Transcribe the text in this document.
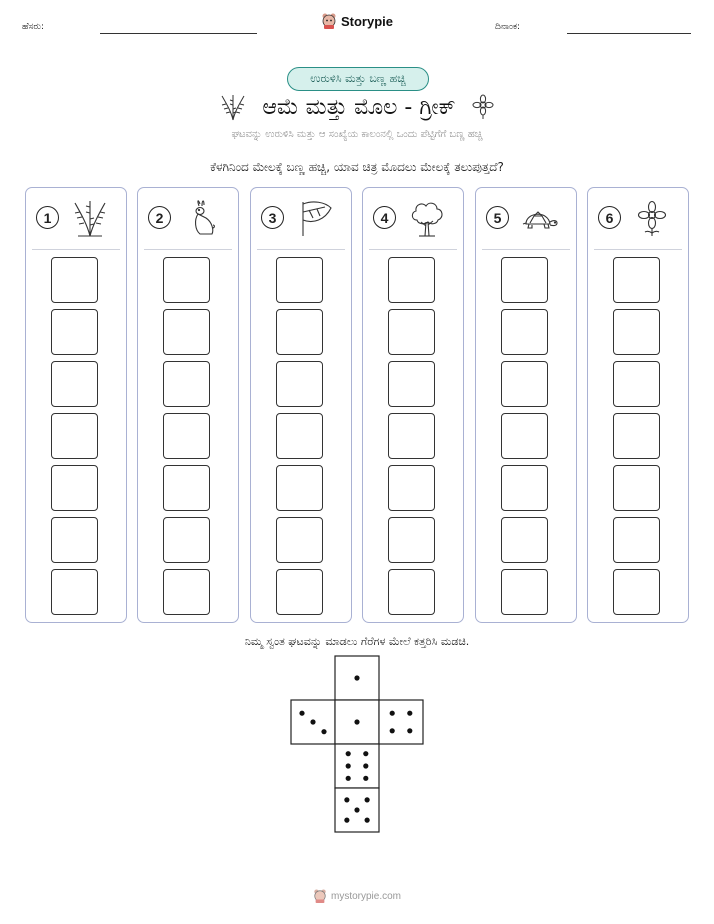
ಹೆಸರು:	Storypie	ದಿನಾಂಕ:
ಉರುಳಿಸಿ ಮತ್ತು ಬಣ್ಣ ಹಚ್ಚಿ
ಆಮೆ ಮತ್ತು ಮೊಲ - ಗ್ರೀಕ್
ಘಟವನ್ನು ಉರುಳಿಸಿ ಮತ್ತು ಆ ಸಂಖ್ಯೆಯ ಕಾಲಂನಲ್ಲಿ ಒಂದು ಪೆಟ್ಟಿಗೆಗೆ ಬಣ್ಣ ಹಚ್ಚಿ
ಕೆಳಗಿನಿಂದ ಮೇಲಕ್ಕೆ ಬಣ್ಣ ಹಚ್ಚಿ, ಯಾವ ಚಿತ್ರ ಮೊದಲು ಮೇಲಕ್ಕೆ ತಲುಪುತ್ತದೆ?
1	2	3	4	5	6
ನಿಮ್ಮ ಸ್ವಂತ ಘಟವನ್ನು ಮಾಡಲು ಗೆರೆಗಳ ಮೇಲೆ ಕತ್ತರಿಸಿ ಮಡಚಿ.
mystorypie.com
